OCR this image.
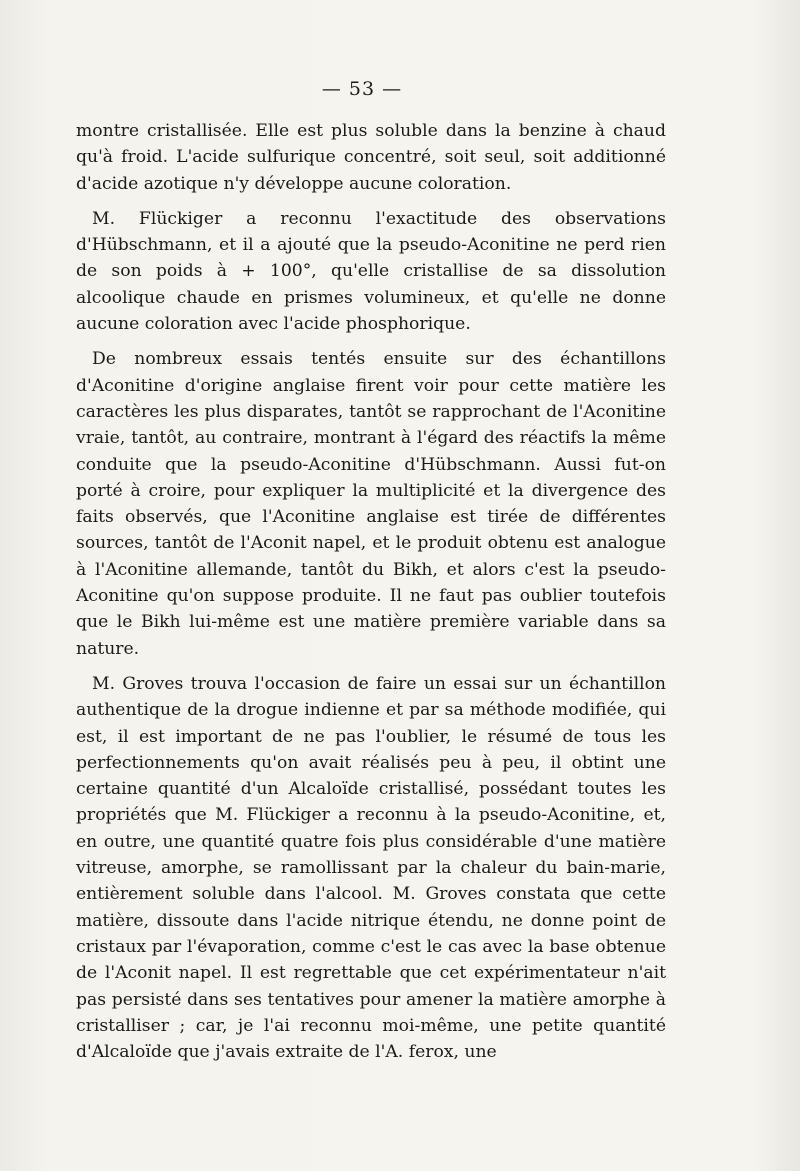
— 53 —

montre cristallisée. Elle est plus soluble dans la benzine à chaud qu'à froid. L'acide sulfurique concentré, soit seul, soit additionné d'acide azotique n'y développe aucune coloration.

M. Flückiger a reconnu l'exactitude des observations d'Hübschmann, et il a ajouté que la pseudo-Aconitine ne perd rien de son poids à + 100°, qu'elle cristallise de sa dissolution alcoolique chaude en prismes volumineux, et qu'elle ne donne aucune coloration avec l'acide phosphorique.

De nombreux essais tentés ensuite sur des échantillons d'Aconitine d'origine anglaise firent voir pour cette matière les caractères les plus disparates, tantôt se rapprochant de l'Aconitine vraie, tantôt, au contraire, montrant à l'égard des réactifs la même conduite que la pseudo-Aconitine d'Hübschmann. Aussi fut-on porté à croire, pour expliquer la multiplicité et la divergence des faits observés, que l'Aconitine anglaise est tirée de différentes sources, tantôt de l'Aconit napel, et le produit obtenu est analogue à l'Aconitine allemande, tantôt du Bikh, et alors c'est la pseudo-Aconitine qu'on suppose produite. Il ne faut pas oublier toutefois que le Bikh lui-même est une matière première variable dans sa nature.

M. Groves trouva l'occasion de faire un essai sur un échantillon authentique de la drogue indienne et par sa méthode modifiée, qui est, il est important de ne pas l'oublier, le résumé de tous les perfectionnements qu'on avait réalisés peu à peu, il obtint une certaine quantité d'un Alcaloïde cristallisé, possédant toutes les propriétés que M. Flückiger a reconnu à la pseudo-Aconitine, et, en outre, une quantité quatre fois plus considérable d'une matière vitreuse, amorphe, se ramollissant par la chaleur du bain-marie, entièrement soluble dans l'alcool. M. Groves constata que cette matière, dissoute dans l'acide nitrique étendu, ne donne point de cristaux par l'évaporation, comme c'est le cas avec la base obtenue de l'Aconit napel. Il est regrettable que cet expérimentateur n'ait pas persisté dans ses tentatives pour amener la matière amorphe à cristalliser ; car, je l'ai reconnu moi-même, une petite quantité d'Alcaloïde que j'avais extraite de l'A. ferox, une
